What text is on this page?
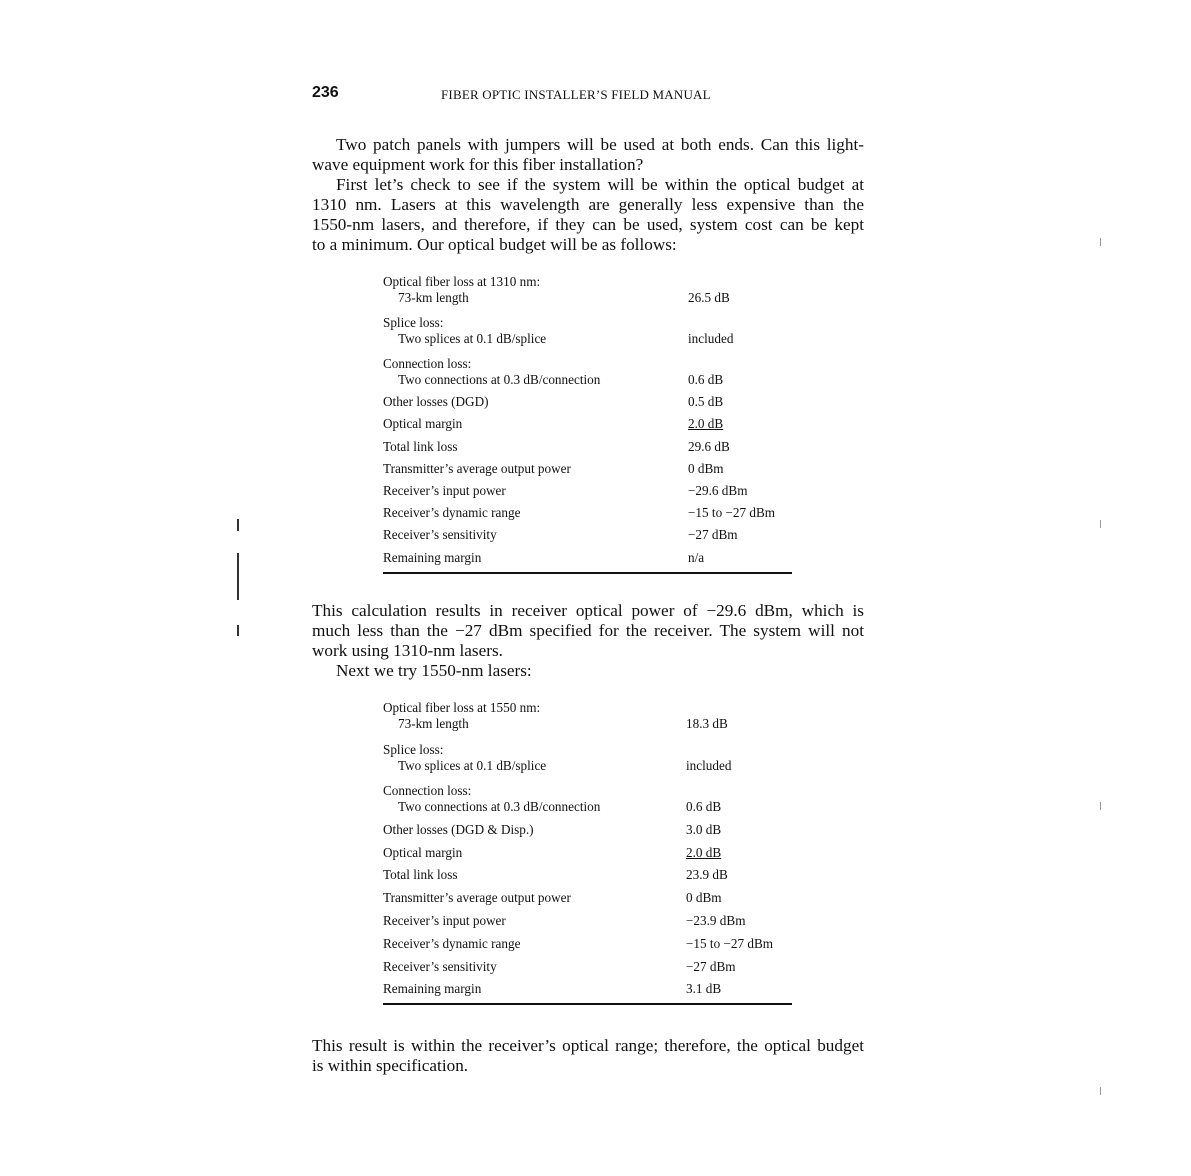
236	FIBER OPTIC INSTALLER’S FIELD MANUAL
Two patch panels with jumpers will be used at both ends. Can this light-
wave equipment work for this fiber installation?
First let’s check to see if the system will be within the optical budget at
1310 nm. Lasers at this wavelength are generally less expensive than the
1550-nm lasers, and therefore, if they can be used, system cost can be kept
to a minimum. Our optical budget will be as follows:
Optical fiber loss at 1310 nm:
73-km length	26.5 dB
Splice loss:
Two splices at 0.1 dB/splice	included
Connection loss:
Two connections at 0.3 dB/connection	0.6 dB
Other losses (DGD)	0.5 dB
Optical margin	2.0 dB
Total link loss	29.6 dB
Transmitter’s average output power	0 dBm
Receiver’s input power	−29.6 dBm
Receiver’s dynamic range	−15 to −27 dBm
Receiver’s sensitivity	−27 dBm
Remaining margin	n/a
This calculation results in receiver optical power of −29.6 dBm, which is
much less than the −27 dBm specified for the receiver. The system will not
work using 1310-nm lasers.
Next we try 1550-nm lasers:
Optical fiber loss at 1550 nm:
73-km length	18.3 dB
Splice loss:
Two splices at 0.1 dB/splice	included
Connection loss:
Two connections at 0.3 dB/connection	0.6 dB
Other losses (DGD & Disp.)	3.0 dB
Optical margin	2.0 dB
Total link loss	23.9 dB
Transmitter’s average output power	0 dBm
Receiver’s input power	−23.9 dBm
Receiver’s dynamic range	−15 to −27 dBm
Receiver’s sensitivity	−27 dBm
Remaining margin	3.1 dB
This result is within the receiver’s optical range; therefore, the optical budget
is within specification.
